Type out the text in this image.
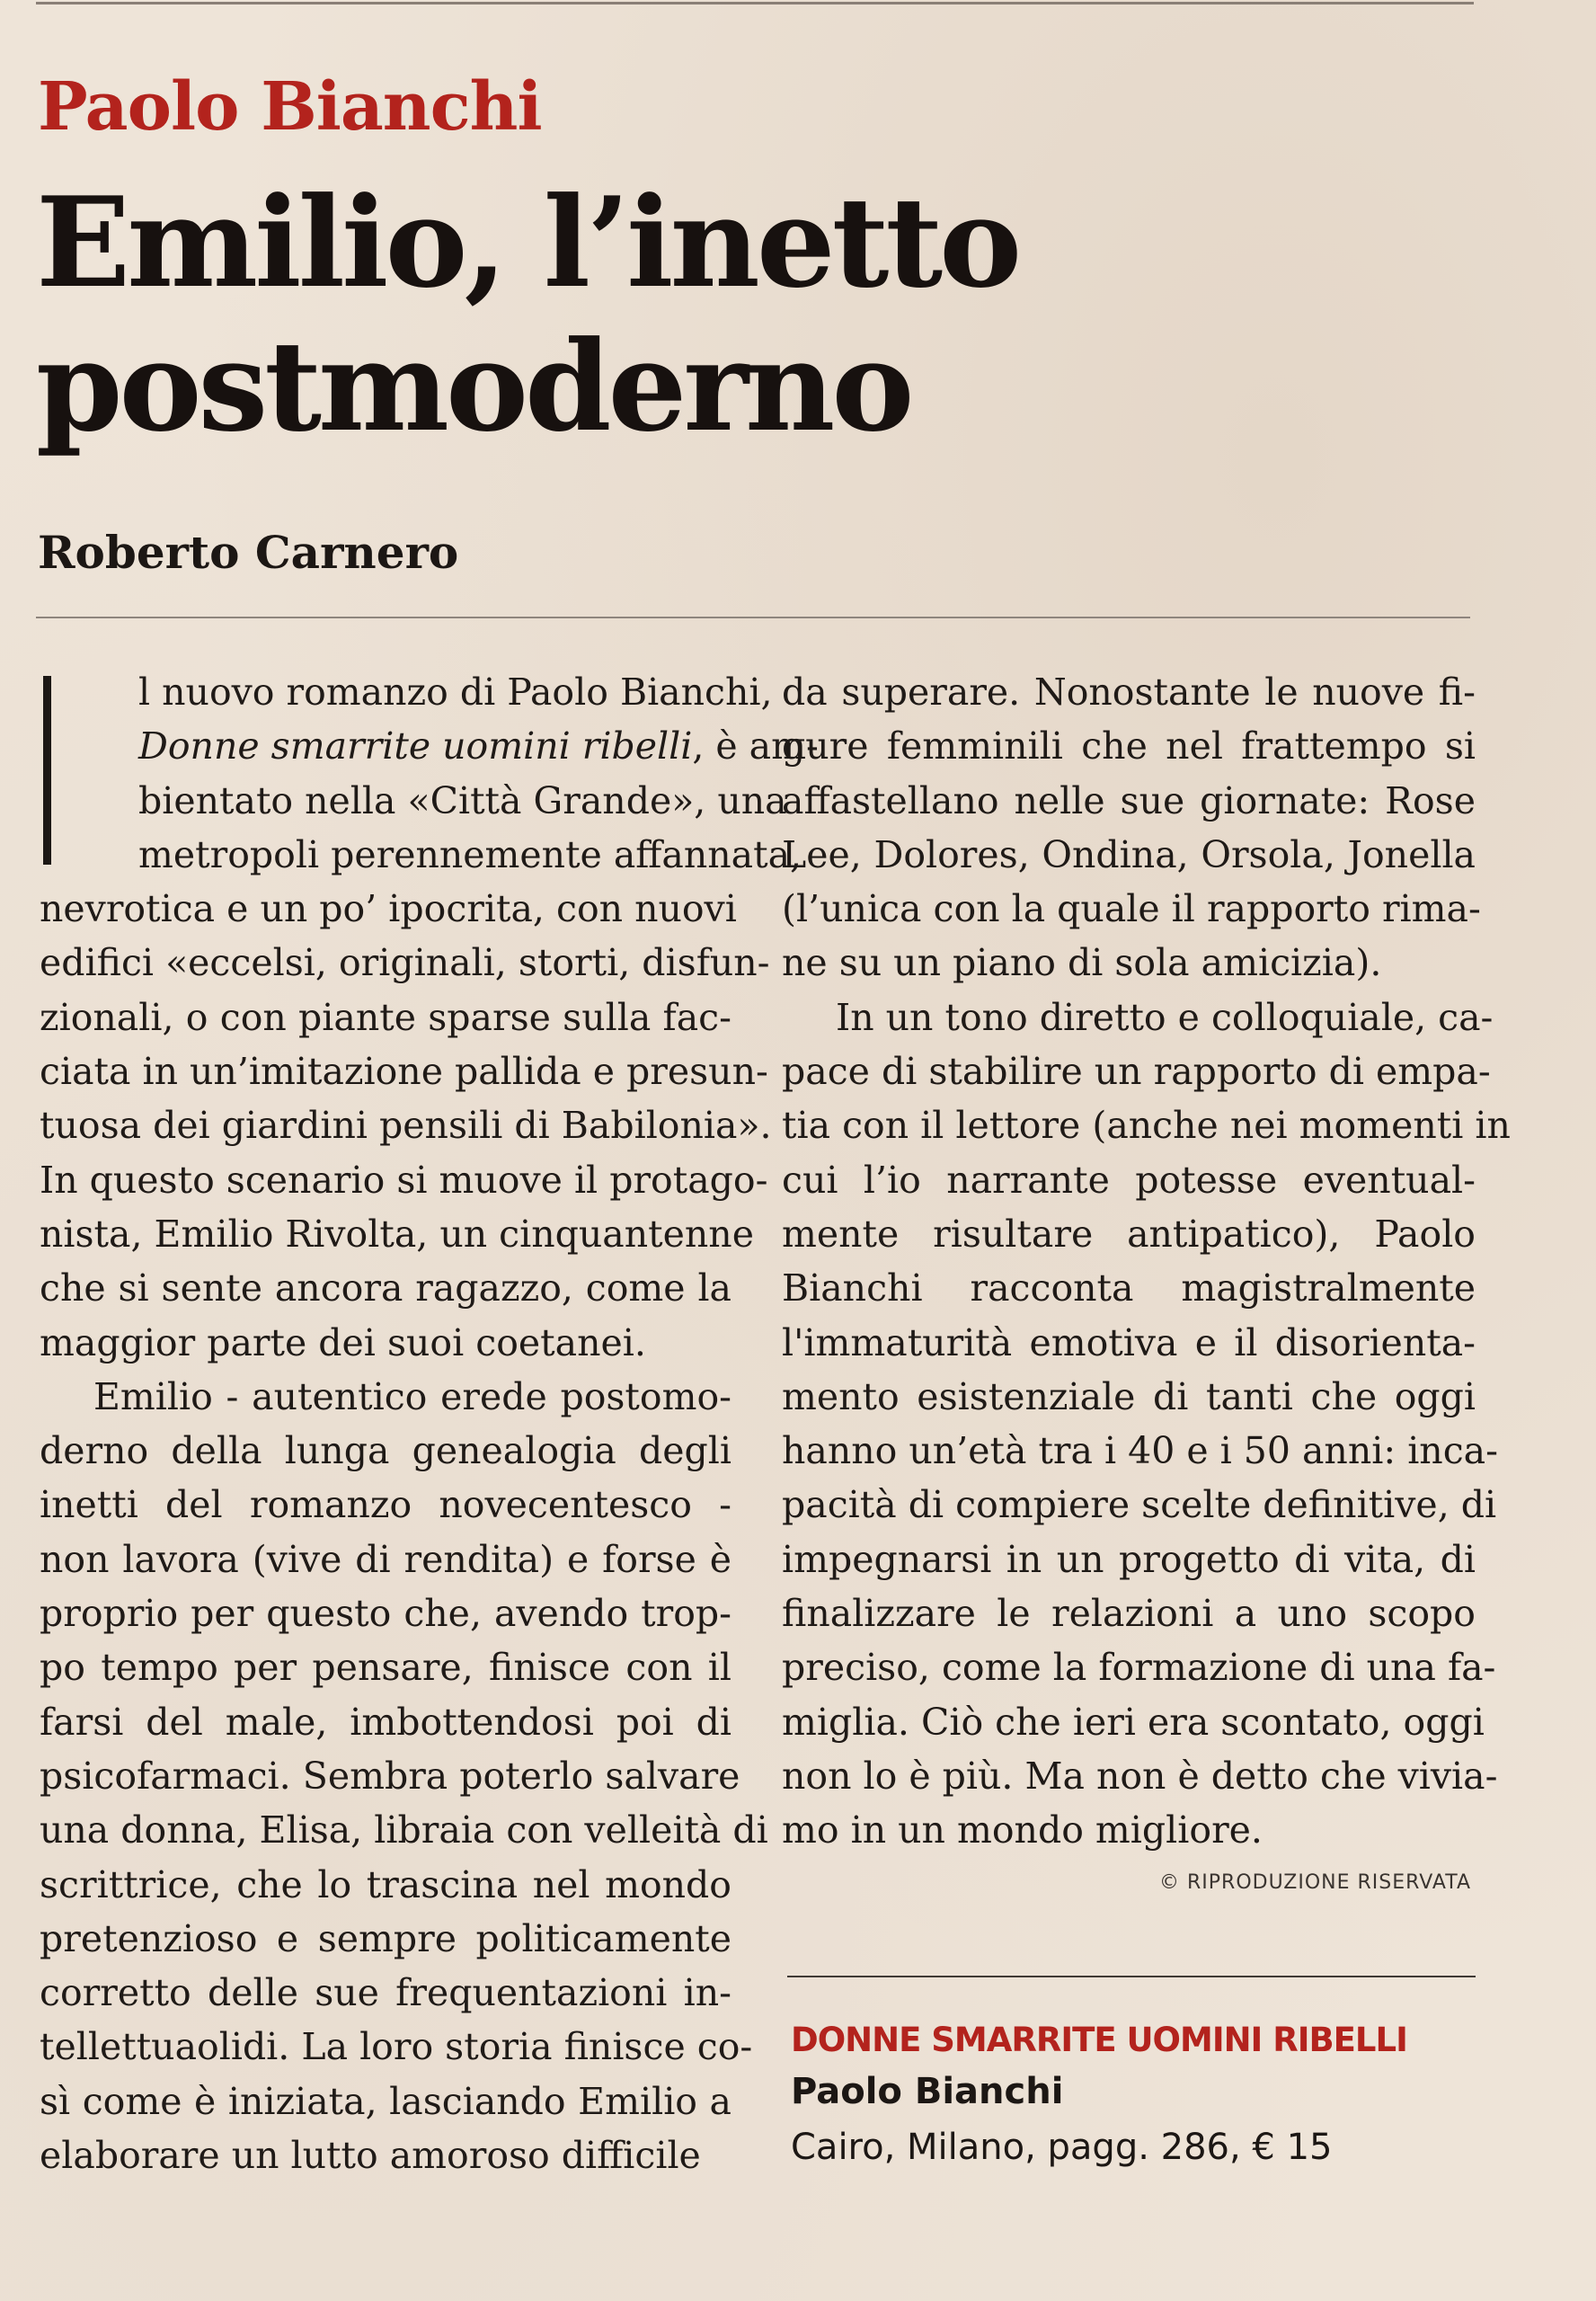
Paolo Bianchi
Emilio, l’inetto
postmoderno
Roberto Carnero
l nuovo romanzo di Paolo Bianchi,
Donne smarrite uomini ribelli, è am-
bientato nella «Città Grande», una
metropoli perennemente affannata,
nevrotica e un po’ ipocrita, con nuovi
edifici «eccelsi, originali, storti, disfun-
zionali, o con piante sparse sulla fac-
ciata in un’imitazione pallida e presun-
tuosa dei giardini pensili di Babilonia».
In questo scenario si muove il protago-
nista, Emilio Rivolta, un cinquantenne
che si sente ancora ragazzo, come la
maggior parte dei suoi coetanei.
Emilio - autentico erede postomo-
derno della lunga genealogia degli
inetti del romanzo novecentesco -
non lavora (vive di rendita) e forse è
proprio per questo che, avendo trop-
po tempo per pensare, finisce con il
farsi del male, imbottendosi poi di
psicofarmaci. Sembra poterlo salvare
una donna, Elisa, libraia con velleità di
scrittrice, che lo trascina nel mondo
pretenzioso e sempre politicamente
corretto delle sue frequentazioni in-
tellettuaolidi. La loro storia finisce co-
sì come è iniziata, lasciando Emilio a
elaborare un lutto amoroso difficile
da superare. Nonostante le nuove fi-
gure femminili che nel frattempo si
affastellano nelle sue giornate: Rose
Lee, Dolores, Ondina, Orsola, Jonella
(l’unica con la quale il rapporto rima-
ne su un piano di sola amicizia).
In un tono diretto e colloquiale, ca-
pace di stabilire un rapporto di empa-
tia con il lettore (anche nei momenti in
cui l’io narrante potesse eventual-
mente risultare antipatico), Paolo
Bianchi racconta magistralmente
l'immaturità emotiva e il disorienta-
mento esistenziale di tanti che oggi
hanno un’età tra i 40 e i 50 anni: inca-
pacità di compiere scelte definitive, di
impegnarsi in un progetto di vita, di
finalizzare le relazioni a uno scopo
preciso, come la formazione di una fa-
miglia. Ciò che ieri era scontato, oggi
non lo è più. Ma non è detto che vivia-
mo in un mondo migliore.
© RIPRODUZIONE RISERVATA
DONNE SMARRITE UOMINI RIBELLI
Paolo Bianchi
Cairo, Milano, pagg. 286, € 15
